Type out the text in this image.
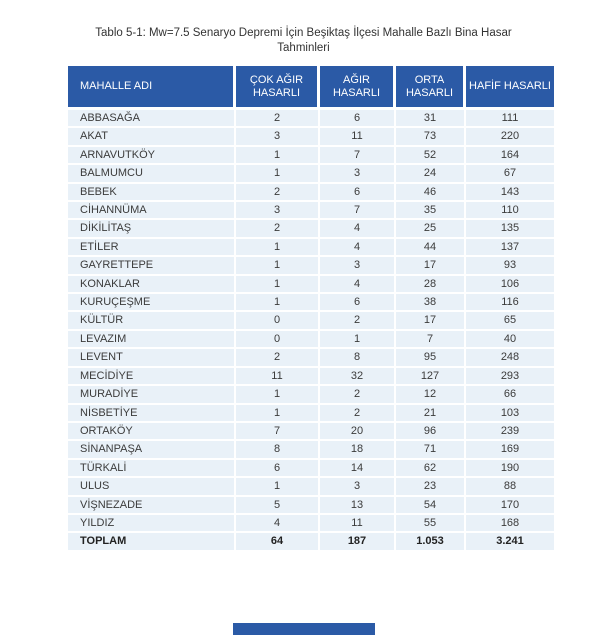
Tablo 5-1: Mw=7.5 Senaryo Depremi İçin Beşiktaş İlçesi Mahalle Bazlı Bina Hasar
Tahminleri
MAHALLE ADI	ÇOK AĞIR HASARLI	AĞIR HASARLI	ORTA HASARLI	HAFİF HASARLI
ABBASAĞA	2	6	31	111
AKAT	3	11	73	220
ARNAVUTKÖY	1	7	52	164
BALMUMCU	1	3	24	67
BEBEK	2	6	46	143
CİHANNÜMA	3	7	35	110
DİKİLİTAŞ	2	4	25	135
ETİLER	1	4	44	137
GAYRETTEPE	1	3	17	93
KONAKLAR	1	4	28	106
KURUÇEŞME	1	6	38	116
KÜLTÜR	0	2	17	65
LEVAZIM	0	1	7	40
LEVENT	2	8	95	248
MECİDİYE	11	32	127	293
MURADİYE	1	2	12	66
NİSBETİYE	1	2	21	103
ORTAKÖY	7	20	96	239
SİNANPAŞA	8	18	71	169
TÜRKALİ	6	14	62	190
ULUS	1	3	23	88
VİŞNEZADE	5	13	54	170
YILDIZ	4	11	55	168
TOPLAM	64	187	1.053	3.241
